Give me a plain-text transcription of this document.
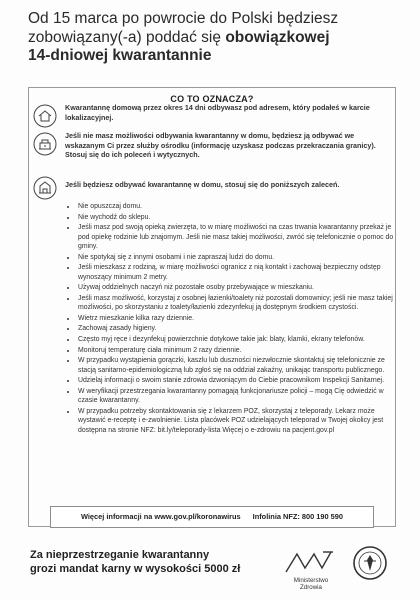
Od 15 marca po powrocie do Polski będziesz
zobowiązany(-a) poddać się obowiązkowej
14-dniowej kwarantannie
CO TO OZNACZA?
Kwarantannę domową przez okres 14 dni odbywasz pod adresem, który podałeś w karcie lokalizacyjnej.
Jeśli nie masz możliwości odbywania kwarantanny w domu, będziesz ją odbywać we wskazanym Ci przez służby ośrodku (informację uzyskasz podczas przekraczania granicy). Stosuj się do ich poleceń i wytycznych.
Jeśli będziesz odbywać kwarantannę w domu, stosuj się do poniższych zaleceń.
• Nie opuszczaj domu.
• Nie wychodź do sklepu.
• Jeśli masz pod swoją opieką zwierzęta, to w miarę możliwości na czas trwania kwarantanny przekaż je pod opiekę rodzinie lub znajomym. Jeśli nie masz takiej możliwości, zwróć się telefonicznie o pomoc do gminy.
• Nie spotykaj się z innymi osobami i nie zapraszaj ludzi do domu.
• Jeśli mieszkasz z rodziną, w miarę możliwości ogranicz z nią kontakt i zachowaj bezpieczny odstęp wynoszący minimum 2 metry.
• Używaj oddzielnych naczyń niż pozostałe osoby przebywające w mieszkaniu.
• Jeśli masz możliwość, korzystaj z osobnej łazienki/toalety niż pozostali domownicy; jeśli nie masz takiej możliwości, po skorzystaniu z toalety/łazienki zdezynfekuj ją dostępnym środkiem czystości.
• Wietrz mieszkanie kilka razy dziennie.
• Zachowaj zasady higieny.
• Często myj ręce i dezynfekuj powierzchnie dotykowe takie jak: blaty, klamki, ekrany telefonów.
• Monitoruj temperaturę ciała minimum 2 razy dziennie.
• W przypadku wystąpienia gorączki, kaszlu lub duszności niezwłocznie skontaktuj się telefonicznie ze stacją sanitarno-epidemiologiczną lub zgłoś się na oddział zakaźny, unikając transportu publicznego.
• Udzielaj informacji o swoim stanie zdrowia dzwoniącym do Ciebie pracownikom Inspekcji Sanitarnej.
• W weryfikacji przestrzegania kwarantanny pomagają funkcjonariusze policji – mogą Cię odwiedzić w czasie kwarantanny.
• W przypadku potrzeby skontaktowania się z lekarzem POZ, skorzystaj z teleporady. Lekarz może wystawić e-receptę i e-zwolnienie. Lista placówek POZ udzielających teleporad w Twojej okolicy jest dostępna na stronie NFZ: bit.ly/teleporady-lista Więcej o e-zdrowiu na pacjent.gov.pl
Więcej informacji na www.gov.pl/koronawirus Infolinia NFZ: 800 190 590
Za nieprzestrzeganie kwarantanny
grozi mandat karny w wysokości 5000 zł
Ministerstwo Zdrowia
